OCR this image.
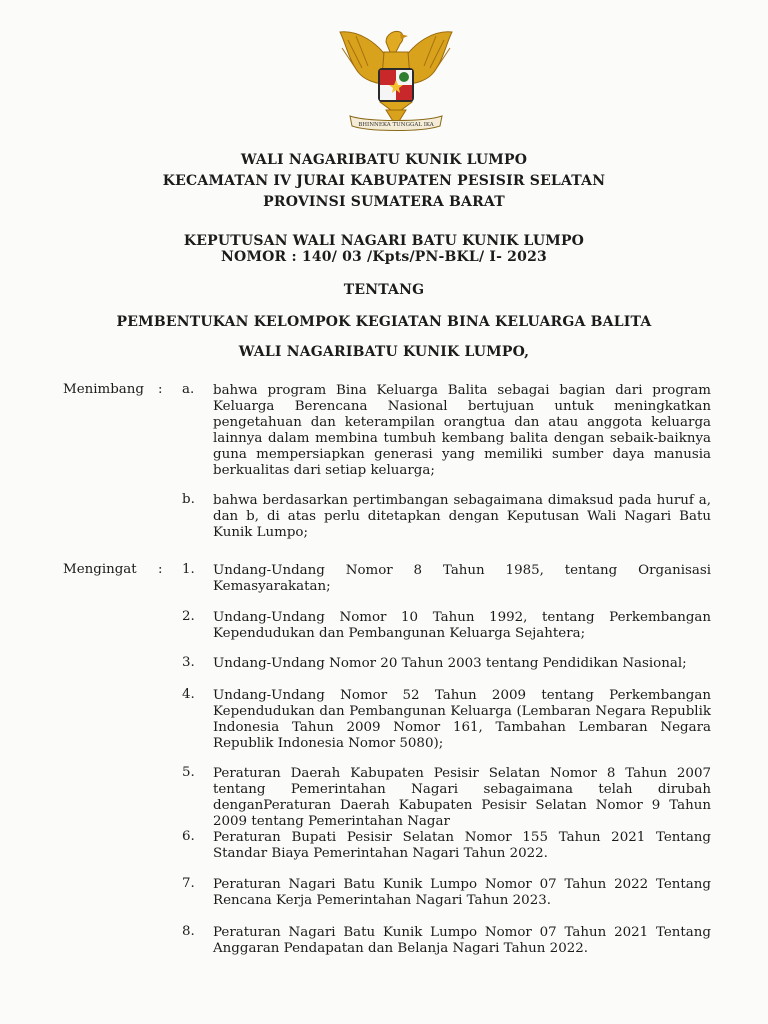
BHINNEKA TUNGGAL IKA
WALI NAGARIBATU KUNIK LUMPO
KECAMATAN IV JURAI KABUPATEN PESISIR SELATAN
PROVINSI SUMATERA BARAT
KEPUTUSAN WALI NAGARI BATU KUNIK LUMPO
NOMOR : 140/ 03 /Kpts/PN-BKL/ I- 2023
TENTANG
PEMBENTUKAN KELOMPOK KEGIATAN BINA KELUARGA BALITA
WALI NAGARIBATU KUNIK LUMPO,
Menimbang : a. bahwa program Bina Keluarga Balita sebagai bagian dari program Keluarga Berencana Nasional bertujuan untuk meningkatkan pengetahuan dan keterampilan orangtua dan atau anggota keluarga lainnya dalam membina tumbuh kembang balita dengan sebaik-baiknya guna mempersiapkan generasi yang memiliki sumber daya manusia berkualitas dari setiap keluarga;
b. bahwa berdasarkan pertimbangan sebagaimana dimaksud pada huruf a, dan b, di atas perlu ditetapkan dengan Keputusan Wali Nagari Batu Kunik Lumpo;
Mengingat : 1. Undang-Undang Nomor 8 Tahun 1985, tentang Organisasi Kemasyarakatan;
2. Undang-Undang Nomor 10 Tahun 1992, tentang Perkembangan Kependudukan dan Pembangunan Keluarga Sejahtera;
3. Undang-Undang Nomor 20 Tahun 2003 tentang Pendidikan Nasional;
4. Undang-Undang Nomor 52 Tahun 2009 tentang Perkembangan Kependudukan dan Pembangunan Keluarga (Lembaran Negara Republik Indonesia Tahun 2009 Nomor 161, Tambahan Lembaran Negara Republik Indonesia Nomor 5080);
5. Peraturan Daerah Kabupaten Pesisir Selatan Nomor 8 Tahun 2007 tentang Pemerintahan Nagari sebagaimana telah dirubah denganPeraturan Daerah Kabupaten Pesisir Selatan Nomor 9 Tahun 2009 tentang Pemerintahan Nagar
6. Peraturan Bupati Pesisir Selatan Nomor 155 Tahun 2021 Tentang Standar Biaya Pemerintahan Nagari Tahun 2022.
7. Peraturan Nagari Batu Kunik Lumpo Nomor 07 Tahun 2022 Tentang Rencana Kerja Pemerintahan Nagari Tahun 2023.
8. Peraturan Nagari Batu Kunik Lumpo Nomor 07 Tahun 2021 Tentang Anggaran Pendapatan dan Belanja Nagari Tahun 2022.
